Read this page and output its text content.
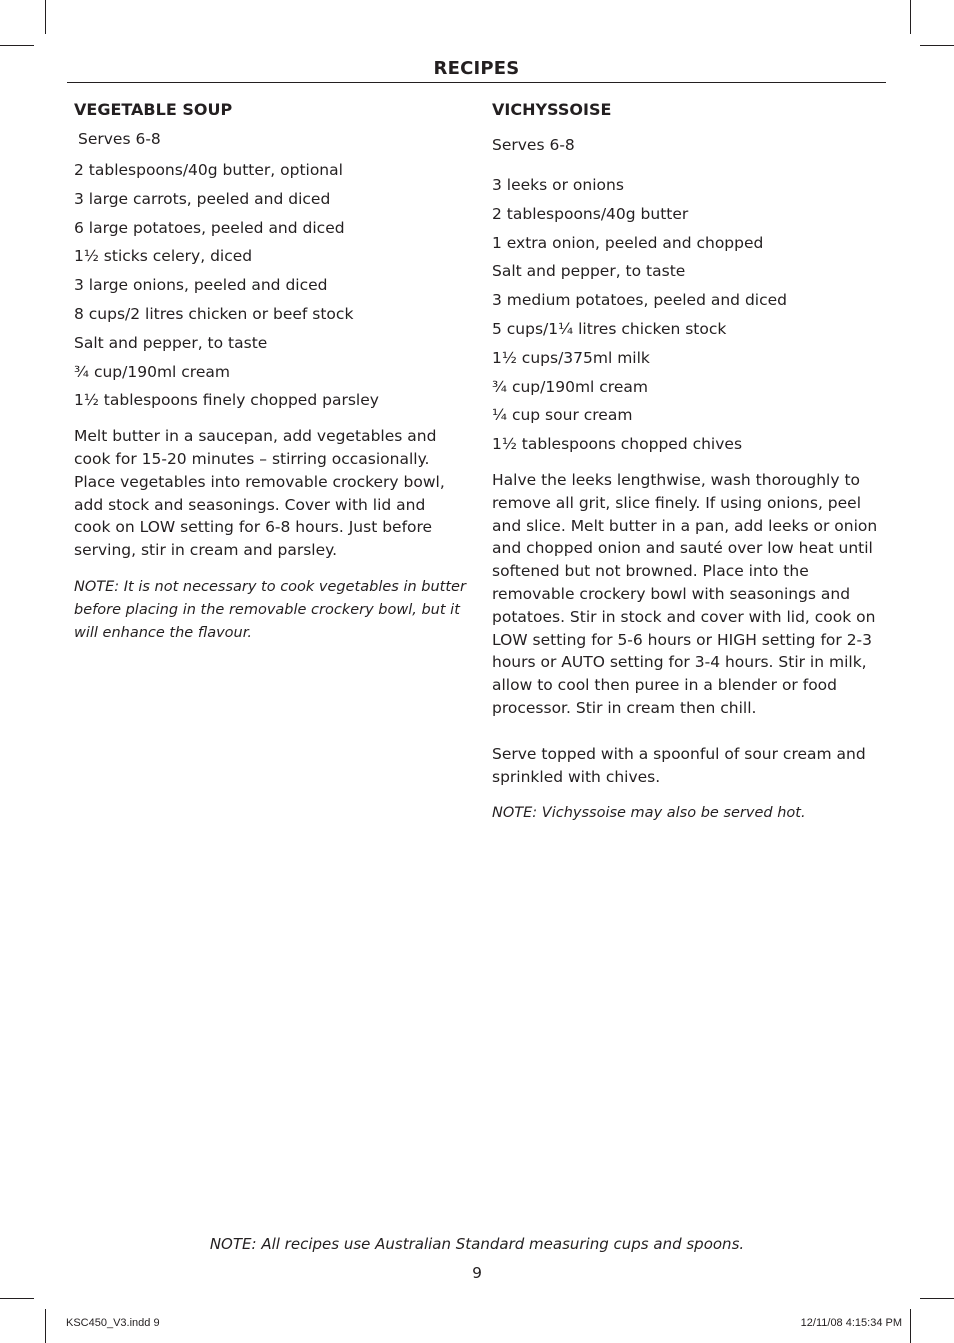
RECIPES
VEGETABLE SOUP
Serves 6-8
2 tablespoons/40g butter, optional
3 large carrots, peeled and diced
6 large potatoes, peeled and diced
1½ sticks celery, diced
3 large onions, peeled and diced
8 cups/2 litres chicken or beef stock
Salt and pepper, to taste
¾ cup/190ml cream
1½ tablespoons finely chopped parsley

Melt butter in a saucepan, add vegetables and cook for 15-20 minutes – stirring occasionally. Place vegetables into removable crockery bowl, add stock and seasonings. Cover with lid and cook on LOW setting for 6-8 hours. Just before serving, stir in cream and parsley.

NOTE: It is not necessary to cook vegetables in butter before placing in the removable crockery bowl, but it will enhance the flavour.

VICHYSSOISE
Serves 6-8
3 leeks or onions
2 tablespoons/40g butter
1 extra onion, peeled and chopped
Salt and pepper, to taste
3 medium potatoes, peeled and diced
5 cups/1¼ litres chicken stock
1½ cups/375ml milk
¾ cup/190ml cream
¼ cup sour cream
1½ tablespoons chopped chives

Halve the leeks lengthwise, wash thoroughly to remove all grit, slice finely. If using onions, peel and slice. Melt butter in a pan, add leeks or onion and chopped onion and sauté over low heat until softened but not browned. Place into the removable crockery bowl with seasonings and potatoes. Stir in stock and cover with lid, cook on LOW setting for 5-6 hours or HIGH setting for 2-3 hours or AUTO setting for 3-4 hours. Stir in milk, allow to cool then puree in a blender or food processor. Stir in cream then chill.

Serve topped with a spoonful of sour cream and sprinkled with chives.

NOTE: Vichyssoise may also be served hot.

NOTE: All recipes use Australian Standard measuring cups and spoons.
9
KSC450_V3.indd 9	12/11/08 4:15:34 PM
